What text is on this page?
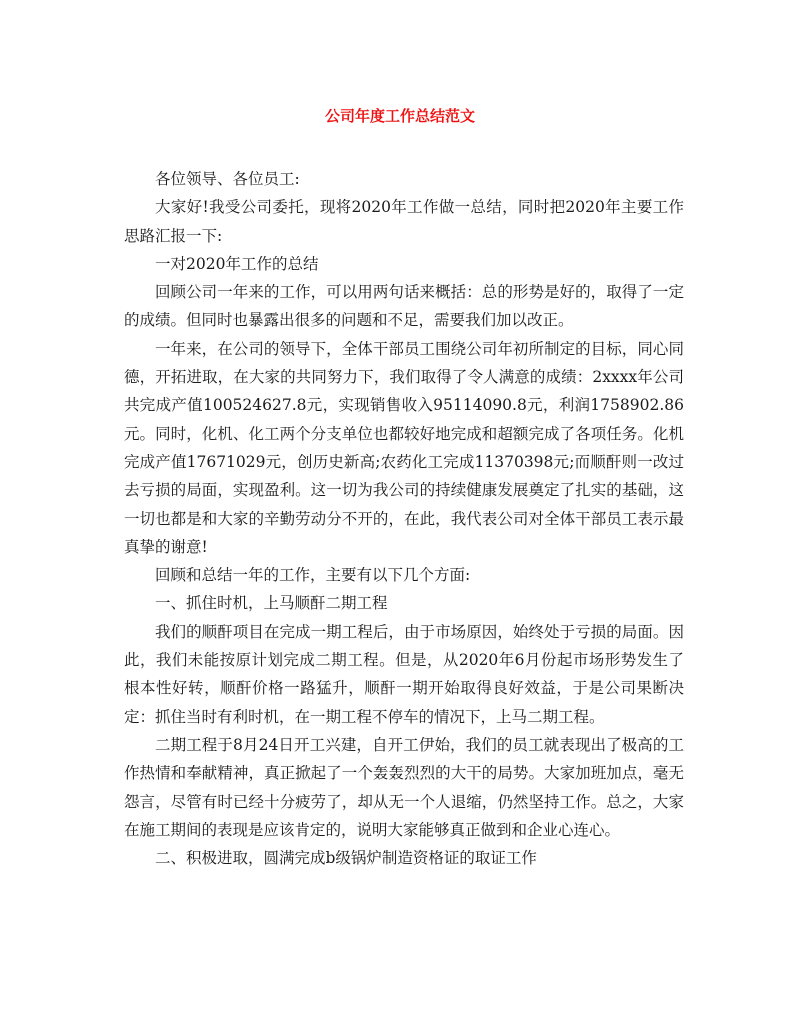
公司年度工作总结范文

各位领导、各位员工:

大家好!我受公司委托，现将2020年工作做一总结，同时把2020年主要工作思路汇报一下:

一对2020年工作的总结

回顾公司一年来的工作，可以用两句话来概括：总的形势是好的，取得了一定的成绩。但同时也暴露出很多的问题和不足，需要我们加以改正。

一年来，在公司的领导下，全体干部员工围绕公司年初所制定的目标，同心同德，开拓进取，在大家的共同努力下，我们取得了令人满意的成绩：2xxxx年公司共完成产值100524627.8元，实现销售收入95114090.8元，利润1758902.86元。同时，化机、化工两个分支单位也都较好地完成和超额完成了各项任务。化机完成产值17671029元，创历史新高;农药化工完成11370398元;而顺酐则一改过去亏损的局面，实现盈利。这一切为我公司的持续健康发展奠定了扎实的基础，这一切也都是和大家的辛勤劳动分不开的，在此，我代表公司对全体干部员工表示最真挚的谢意!

回顾和总结一年的工作，主要有以下几个方面:

一、抓住时机，上马顺酐二期工程

我们的顺酐项目在完成一期工程后，由于市场原因，始终处于亏损的局面。因此，我们未能按原计划完成二期工程。但是，从2020年6月份起市场形势发生了根本性好转，顺酐价格一路猛升，顺酐一期开始取得良好效益，于是公司果断决定：抓住当时有利时机，在一期工程不停车的情况下，上马二期工程。

二期工程于8月24日开工兴建，自开工伊始，我们的员工就表现出了极高的工作热情和奉献精神，真正掀起了一个轰轰烈烈的大干的局势。大家加班加点，毫无怨言，尽管有时已经十分疲劳了，却从无一个人退缩，仍然坚持工作。总之，大家在施工期间的表现是应该肯定的，说明大家能够真正做到和企业心连心。

二、积极进取，圆满完成b级锅炉制造资格证的取证工作
